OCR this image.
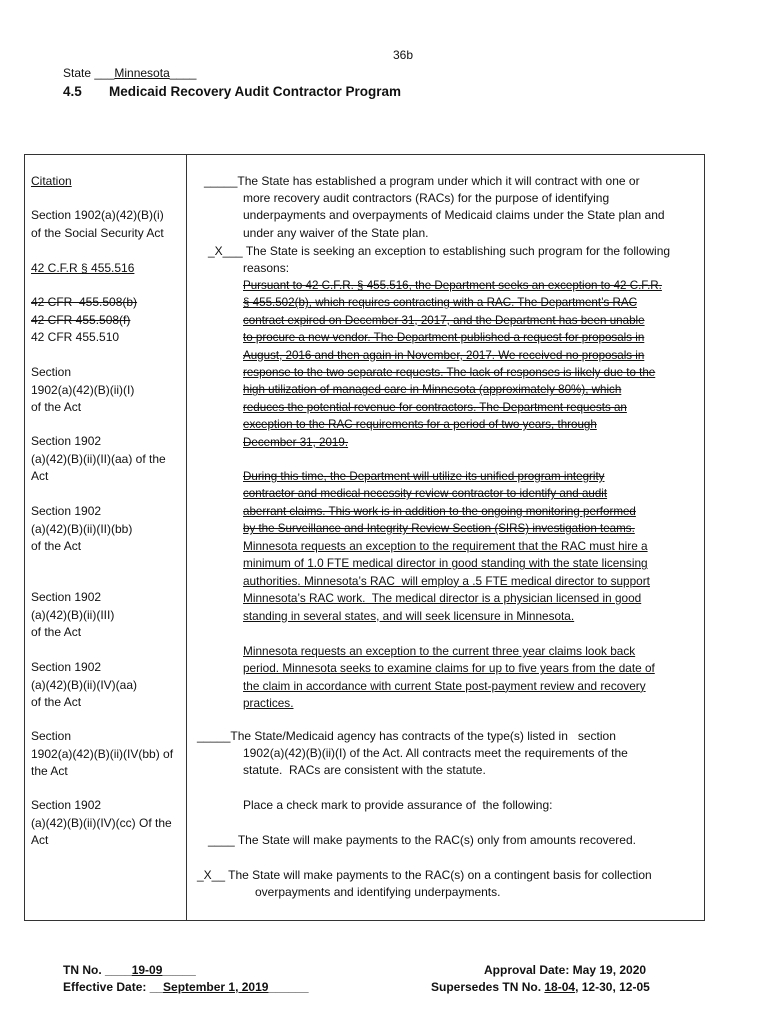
36b
State ___Minnesota____
4.5 Medicaid Recovery Audit Contractor Program
Citation
Section 1902(a)(42)(B)(i)
of the Social Security Act
42 C.F.R § 455.516
42 CFR  455.508(b)
42 CFR 455.508(f)
42 CFR 455.510
Section
1902(a)(42)(B)(ii)(I)
of the Act
Section 1902
(a)(42)(B)(ii)(II)(aa) of the
Act
Section 1902
(a)(42)(B)(ii)(II)(bb)
of the Act
Section 1902
(a)(42)(B)(ii)(III)
of the Act
Section 1902
(a)(42)(B)(ii)(IV)(aa)
of the Act
Section
1902(a)(42)(B)(ii)(IV(bb) of
the Act
Section 1902
(a)(42)(B)(ii)(IV)(cc) Of the
Act
_____The State has established a program under which it will contract with one or
more recovery audit contractors (RACs) for the purpose of identifying
underpayments and overpayments of Medicaid claims under the State plan and
under any waiver of the State plan.
_X___ The State is seeking an exception to establishing such program for the following
reasons:
Pursuant to 42 C.F.R. § 455.516, the Department seeks an exception to 42 C.F.R.
§ 455.502(b), which requires contracting with a RAC. The Department’s RAC
contract expired on December 31, 2017, and the Department has been unable
to procure a new vendor. The Department published a request for proposals in
August, 2016 and then again in November, 2017. We received no proposals in
response to the two separate requests. The lack of responses is likely due to the
high utilization of managed care in Minnesota (approximately 80%), which
reduces the potential revenue for contractors. The Department requests an
exception to the RAC requirements for a period of two years, through
December 31, 2019.
During this time, the Department will utilize its unified program integrity
contractor and medical necessity review contractor to identify and audit
aberrant claims. This work is in addition to the ongoing monitoring performed
by the Surveillance and Integrity Review Section (SIRS) investigation teams.
Minnesota requests an exception to the requirement that the RAC must hire a
minimum of 1.0 FTE medical director in good standing with the state licensing
authorities. Minnesota’s RAC  will employ a .5 FTE medical director to support
Minnesota’s RAC work.  The medical director is a physician licensed in good
standing in several states, and will seek licensure in Minnesota.
Minnesota requests an exception to the current three year claims look back
period. Minnesota seeks to examine claims for up to five years from the date of
the claim in accordance with current State post-payment review and recovery
practices.
_____The State/Medicaid agency has contracts of the type(s) listed in   section
1902(a)(42)(B)(ii)(I) of the Act. All contracts meet the requirements of the
statute.  RACs are consistent with the statute.
Place a check mark to provide assurance of  the following:
____ The State will make payments to the RAC(s) only from amounts recovered.
_X__ The State will make payments to the RAC(s) on a contingent basis for collection
overpayments and identifying underpayments.
TN No. ____19-09_____
Effective Date: __September 1, 2019______
Approval Date: May 19, 2020
Supersedes TN No. 18-04, 12-30, 12-05
